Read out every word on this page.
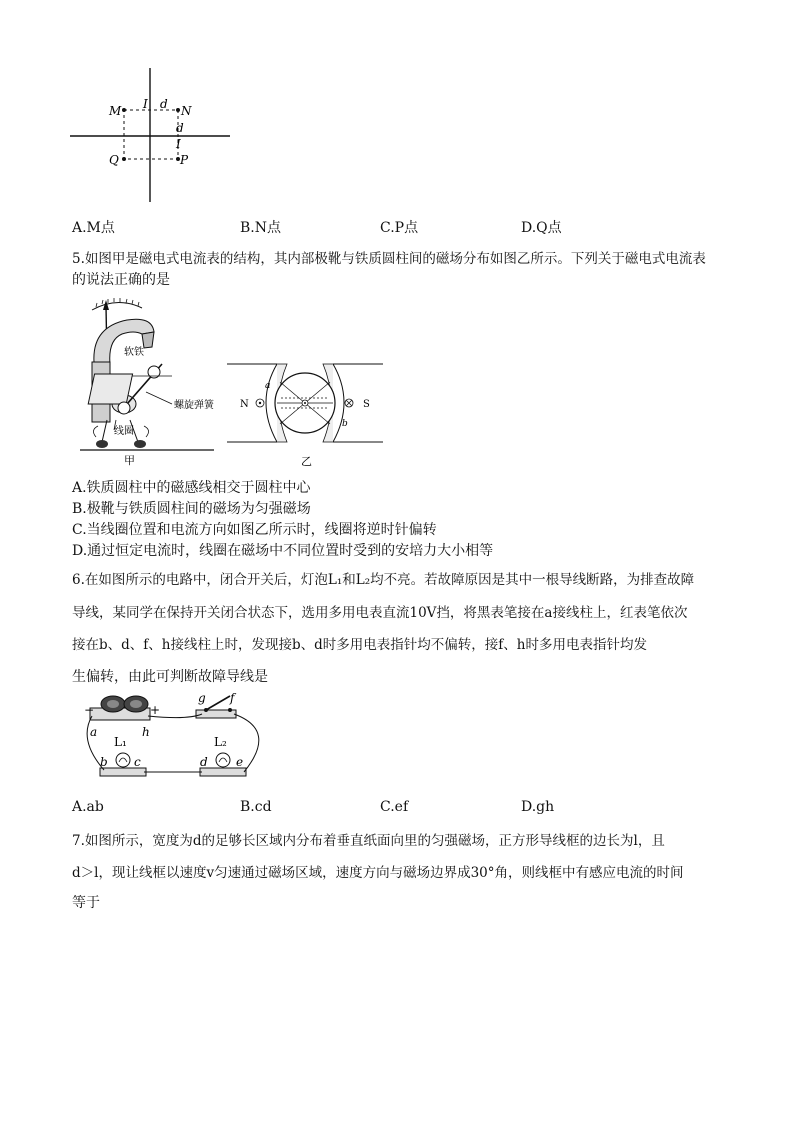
M	N
P
Q
I d
d
I
A.M点	B.N点	C.P点	D.Q点
5.如图甲是磁电式电流表的结构，其内部极靴与铁质圆柱间的磁场分布如图乙所示。下列关于磁电式电流表
的说法正确的是
软铁
螺旋弹簧
线圈
甲
N	S
a
b
乙
A.铁质圆柱中的磁感线相交于圆柱中心
B.极靴与铁质圆柱间的磁场为匀强磁场
C.当线圈位置和电流方向如图乙所示时，线圈将逆时针偏转
D.通过恒定电流时，线圈在磁场中不同位置时受到的安培力大小相等
6.在如图所示的电路中，闭合开关后，灯泡L₁和L₂均不亮。若故障原因是其中一根导线断路，为排查故障
导线，某同学在保持开关闭合状态下，选用多用电表直流10V挡，将黑表笔接在a接线柱上，红表笔依次
接在b、d、f、h接线柱上时，发现接b、d时多用电表指针均不偏转，接f、h时多用电表指针均发
生偏转，由此可判断故障导线是
−	+
a	h
g f
L₁	L₂
b c	d e
A.ab	B.cd	C.ef	D.gh
7.如图所示，宽度为d的足够长区域内分布着垂直纸面向里的匀强磁场，正方形导线框的边长为l，且
d＞l，现让线框以速度v匀速通过磁场区域，速度方向与磁场边界成30°角，则线框中有感应电流的时间
等于
